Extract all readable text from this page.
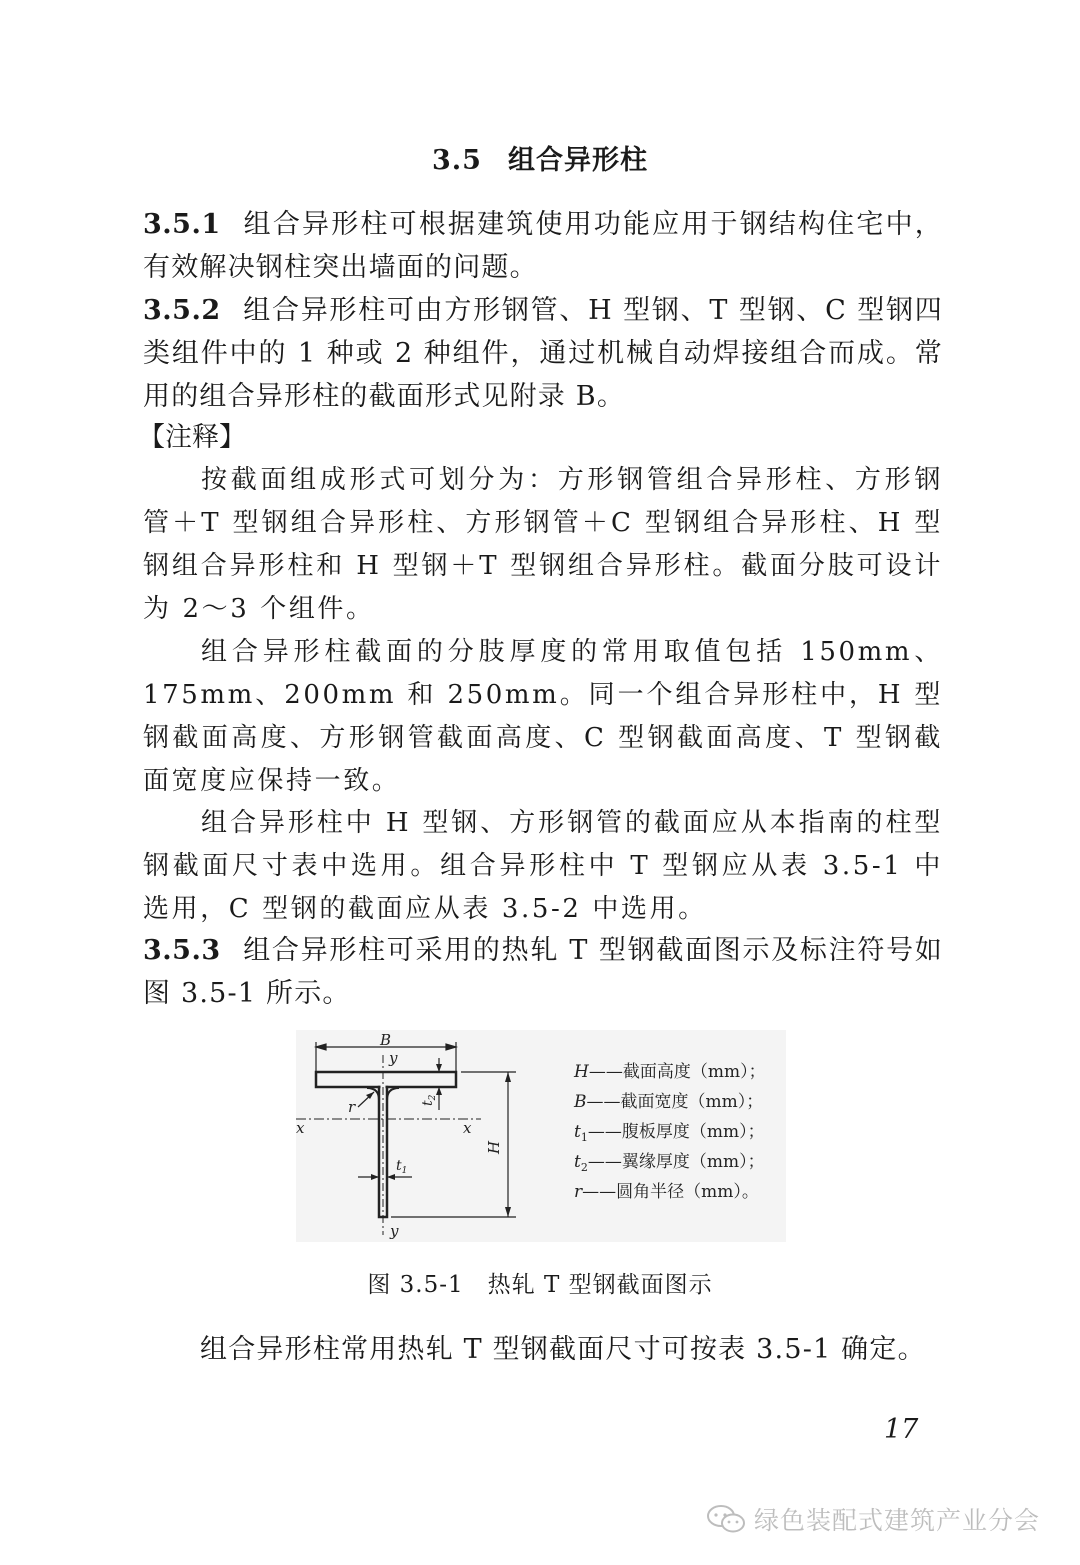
3.5 组合异形柱
3.5.1 组合异形柱可根据建筑使用功能应用于钢结构住宅中，有效解决钢柱突出墙面的问题。
3.5.2 组合异形柱可由方形钢管、H 型钢、T 型钢、C 型钢四类组件中的 1 种或 2 种组件，通过机械自动焊接组合而成。常用的组合异形柱的截面形式见附录 B。
【注释】
按截面组成形式可划分为：方形钢管组合异形柱、方形钢管＋T 型钢组合异形柱、方形钢管＋C 型钢组合异形柱、H 型钢组合异形柱和 H 型钢＋T 型钢组合异形柱。截面分肢可设计为 2～3 个组件。
组合异形柱截面的分肢厚度的常用取值包括 150mm、175mm、200mm 和 250mm。同一个组合异形柱中，H 型钢截面高度、方形钢管截面高度、C 型钢截面高度、T 型钢截面宽度应保持一致。
组合异形柱中 H 型钢、方形钢管的截面应从本指南的柱型钢截面尺寸表中选用。组合异形柱中 T 型钢应从表 3.5-1 中选用，C 型钢的截面应从表 3.5-2 中选用。
3.5.3 组合异形柱可采用的热轧 T 型钢截面图示及标注符号如图 3.5-1 所示。
B
y
x	x
r	$t_2$
$t_1$
H
y
H——截面高度（mm）；
B——截面宽度（mm）；
$t_1——$腹板厚度（mm）；
$t_2——$翼缘厚度（mm）；
r——圆角半径（mm）。
图 3.5-1 热轧 T 型钢截面图示
组合异形柱常用热轧 T 型钢截面尺寸可按表 3.5-1 确定。
17
绿色装配式建筑产业分会
